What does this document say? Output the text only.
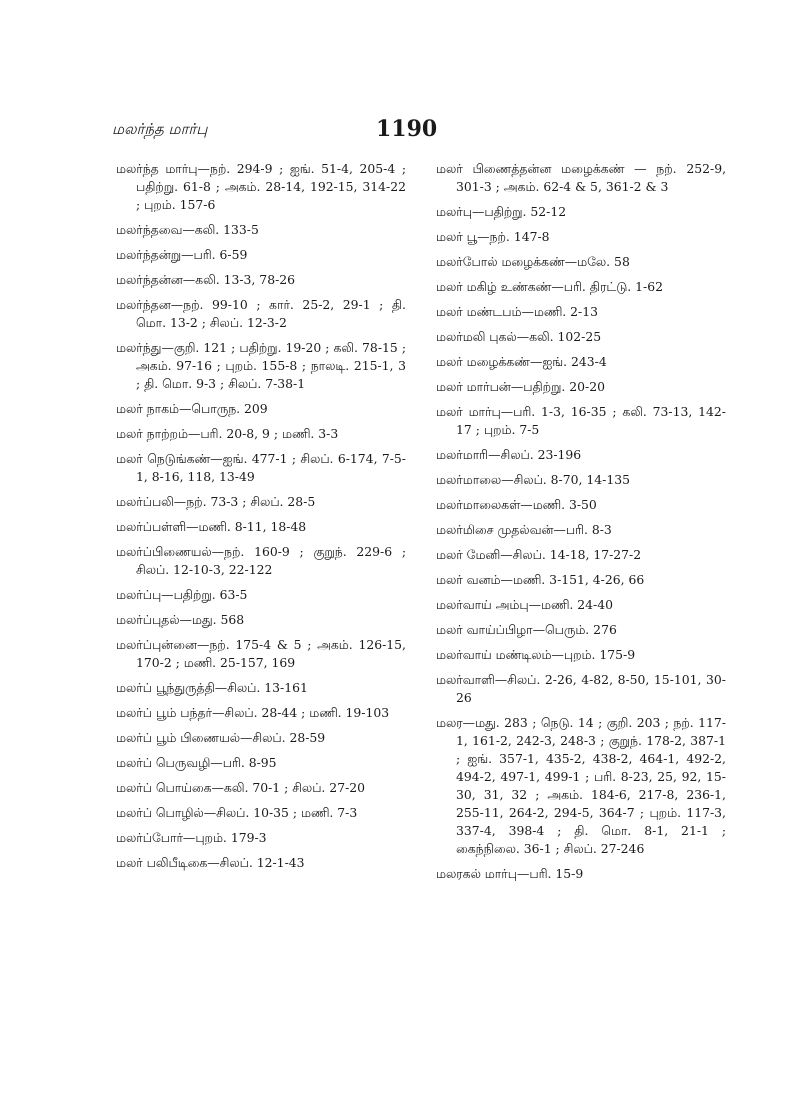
மலர்ந்த மார்பு	1190
மலர்ந்த மார்பு—நற். 294-9 ; ஐங். 51-4, 205-4 ; பதிற்று. 61-8 ; அகம். 28-14, 192-15, 314-22 ; புறம். 157-6
மலர்ந்தவை—கலி. 133-5
மலர்ந்தன்று—பரி. 6-59
மலர்ந்தன்ன—கலி. 13-3, 78-26
மலர்ந்தன—நற். 99-10 ; கார். 25-2, 29-1 ; தி. மொ. 13-2 ; சிலப். 12-3-2
மலர்ந்து—குறி. 121 ; பதிற்று. 19-20 ; கலி. 78-15 ; அகம். 97-16 ; புறம். 155-8 ; நாலடி. 215-1, 3 ; தி. மொ. 9-3 ; சிலப். 7-38-1
மலர் நாகம்—பொருந. 209
மலர் நாற்றம்—பரி. 20-8, 9 ; மணி. 3-3
மலர் நெடுங்கண்—ஐங். 477-1 ; சிலப். 6-174, 7-5-1, 8-16, 118, 13-49
மலர்ப்பலி—நற். 73-3 ; சிலப். 28-5
மலர்ப்பள்ளி—மணி. 8-11, 18-48
மலர்ப்பிணையல்—நற். 160-9 ; குறுந். 229-6 ; சிலப். 12-10-3, 22-122
மலர்ப்பு—பதிற்று. 63-5
மலர்ப்புதல்—மது. 568
மலர்ப்புன்னை—நற். 175-4 & 5 ; அகம். 126-15, 170-2 ; மணி. 25-157, 169
மலர்ப் பூந்துருத்தி—சிலப். 13-161
மலர்ப் பூம் பந்தர்—சிலப். 28-44 ; மணி. 19-103
மலர்ப் பூம் பிணையல்—சிலப். 28-59
மலர்ப் பெருவழி—பரி. 8-95
மலர்ப் பொய்கை—கலி. 70-1 ; சிலப். 27-20
மலர்ப் பொழில்—சிலப். 10-35 ; மணி. 7-3
மலர்ப்போர்—புறம். 179-3
மலர் பலிபீடிகை—சிலப். 12-1-43
மலர் பிணைத்தன்ன மழைக்கண் — நற். 252-9, 301-3 ; அகம். 62-4 & 5, 361-2 & 3
மலர்பு—பதிற்று. 52-12
மலர் பூ—நற். 147-8
மலர்போல் மழைக்கண்—மலே. 58
மலர் மகிழ் உண்கண்—பரி. திரட்டு. 1-62
மலர் மண்டபம்—மணி. 2-13
மலர்மலி புகல்—கலி. 102-25
மலர் மழைக்கண்—ஐங். 243-4
மலர் மார்பன்—பதிற்று. 20-20
மலர் மார்பு—பரி. 1-3, 16-35 ; கலி. 73-13, 142-17 ; புறம். 7-5
மலர்மாரி—சிலப். 23-196
மலர்மாலை—சிலப். 8-70, 14-135
மலர்மாலைகள்—மணி. 3-50
மலர்மிசை முதல்வன்—பரி. 8-3
மலர் மேனி—சிலப். 14-18, 17-27-2
மலர் வனம்—மணி. 3-151, 4-26, 66
மலர்வாய் அம்பு—மணி. 24-40
மலர் வாய்ப்பிழா—பெரும். 276
மலர்வாய் மண்டிலம்—புறம். 175-9
மலர்வாளி—சிலப். 2-26, 4-82, 8-50, 15-101, 30-26
மலர—மது. 283 ; நெடு. 14 ; குறி. 203 ; நற். 117-1, 161-2, 242-3, 248-3 ; குறுந். 178-2, 387-1 ; ஐங். 357-1, 435-2, 438-2, 464-1, 492-2, 494-2, 497-1, 499-1 ; பரி. 8-23, 25, 92, 15-30, 31, 32 ; அகம். 184-6, 217-8, 236-1, 255-11, 264-2, 294-5, 364-7 ; புறம். 117-3, 337-4, 398-4 ; தி. மொ. 8-1, 21-1 ; கைந்நிலை. 36-1 ; சிலப். 27-246
மலரகல் மார்பு—பரி. 15-9
